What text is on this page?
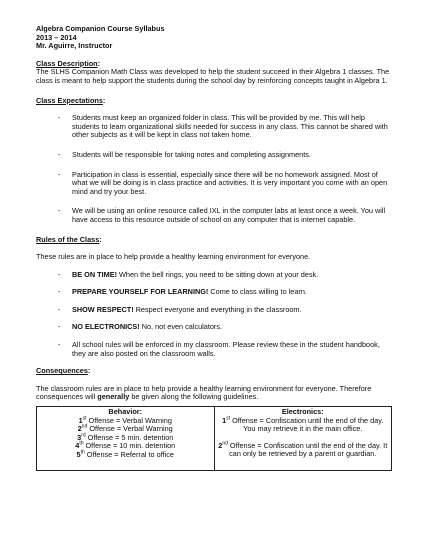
Algebra Companion Course Syllabus

2013 – 2014

Mr. Aguirre, Instructor

Class Description:

The SLHS Companion Math Class was developed to help the student succeed in their Algebra 1 classes. The class is meant to help support the students during the school day by reinforcing concepts taught in Algebra 1.

Class Expectations:

- Students must keep an organized folder in class. This will be provided by me. This will help students to learn organizational skills needed for success in any class. This cannot be shared with other subjects as it will be kept in class not taken home.
- Students will be responsible for taking notes and completing assignments.
- Participation in class is essential, especially since there will be no homework assigned. Most of what we will be doing is in class practice and activities. It is very important you come with an open mind and try your best.
- We will be using an online resource called IXL in the computer labs at least once a week. You will have access to this resource outside of school on any computer that is internet capable.

Rules of the Class:

These rules are in place to help provide a healthy learning environment for everyone.

- BE ON TIME! When the bell rings, you need to be sitting down at your desk.
- PREPARE YOURSELF FOR LEARNING! Come to class willing to learn.
- SHOW RESPECT! Respect everyone and everything in the classroom.
- NO ELECTRONICS! No, not even calculators.
- All school rules will be enforced in my classroom. Please review these in the student handbook, they are also posted on the classroom walls.

Consequences:

The classroom rules are in place to help provide a healthy learning environment for everyone. Therefore consequences will generally be given along the following guidelines.

Behavior:
1st Offense = Verbal Warning
2nd Offense = Verbal Warning
3rd Offense = 5 min. detention
4th Offense = 10 min. detention
5th Offense = Referral to office

Electronics:
1st Offense = Confiscation until the end of the day. You may retrieve it in the main office.
2nd Offense = Confiscation until the end of the day. It can only be retrieved by a parent or guardian.
